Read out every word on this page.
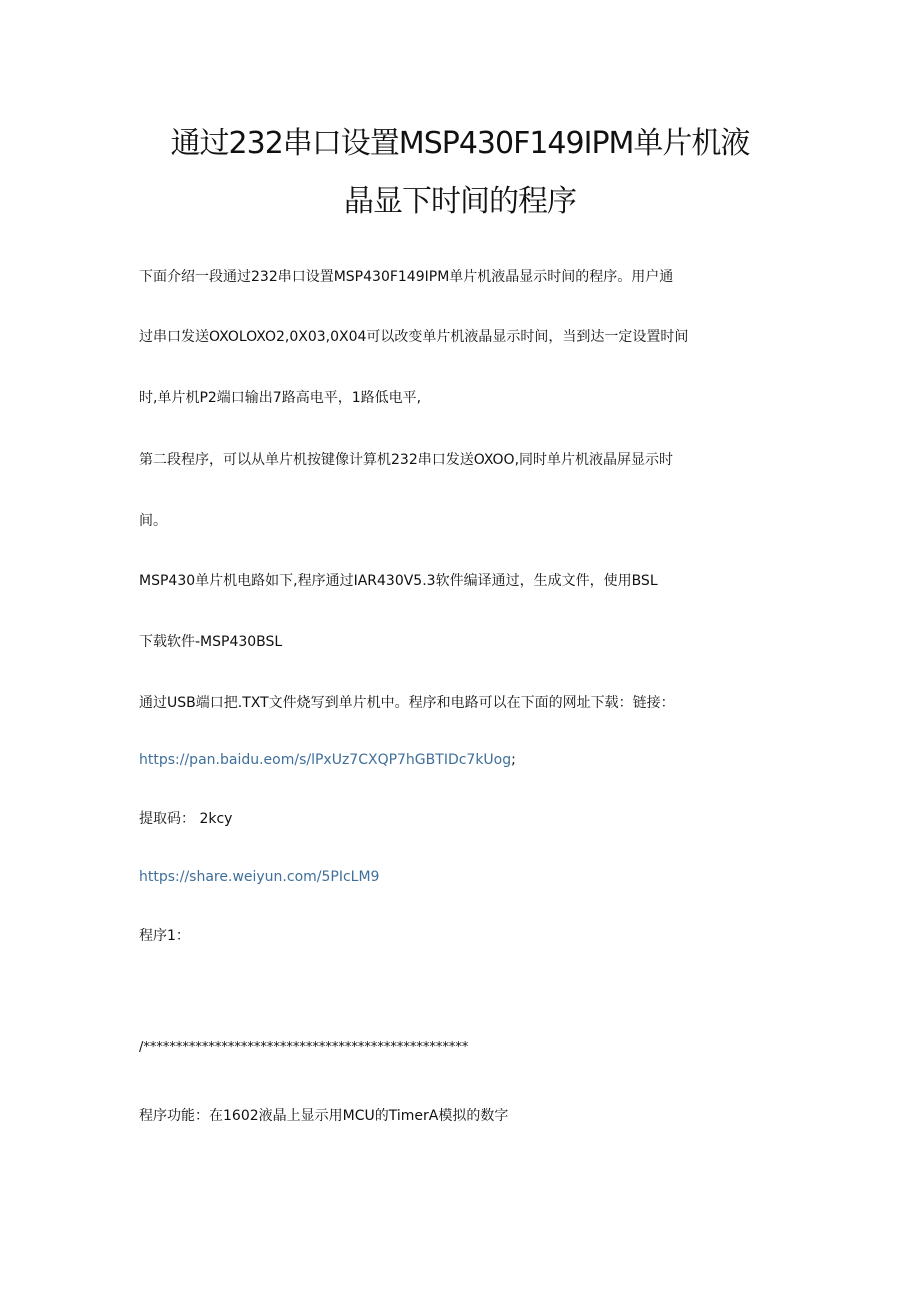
通过232串口设置MSP430F149IPM单片机液
晶显下时间的程序

下面介绍一段通过232串口设置MSP430F149IPM单片机液晶显示时间的程序。用户通

过串口发送OXOLOXO2,0X03,0X04可以改变单片机液晶显示时间，当到达一定设置时间

时,单片机P2端口输出7路高电平，1路低电平,

第二段程序，可以从单片机按键像计算机232串口发送OXOO,同时单片机液晶屏显示时

间。

MSP430单片机电路如下,程序通过IAR430V5.3软件编译通过，生成文件，使用BSL

下载软件-MSP430BSL

通过USB端口把.TXT文件烧写到单片机中。程序和电路可以在下面的网址下载：链接：

https://pan.baidu.eom/s/lPxUz7CXQP7hGBTIDc7kUog;

提取码： 2kcy

https://share.weiyun.com/5PIcLM9

程序1：

/**************************************************

程序功能：在1602液晶上显示用MCU的TimerA模拟的数字
